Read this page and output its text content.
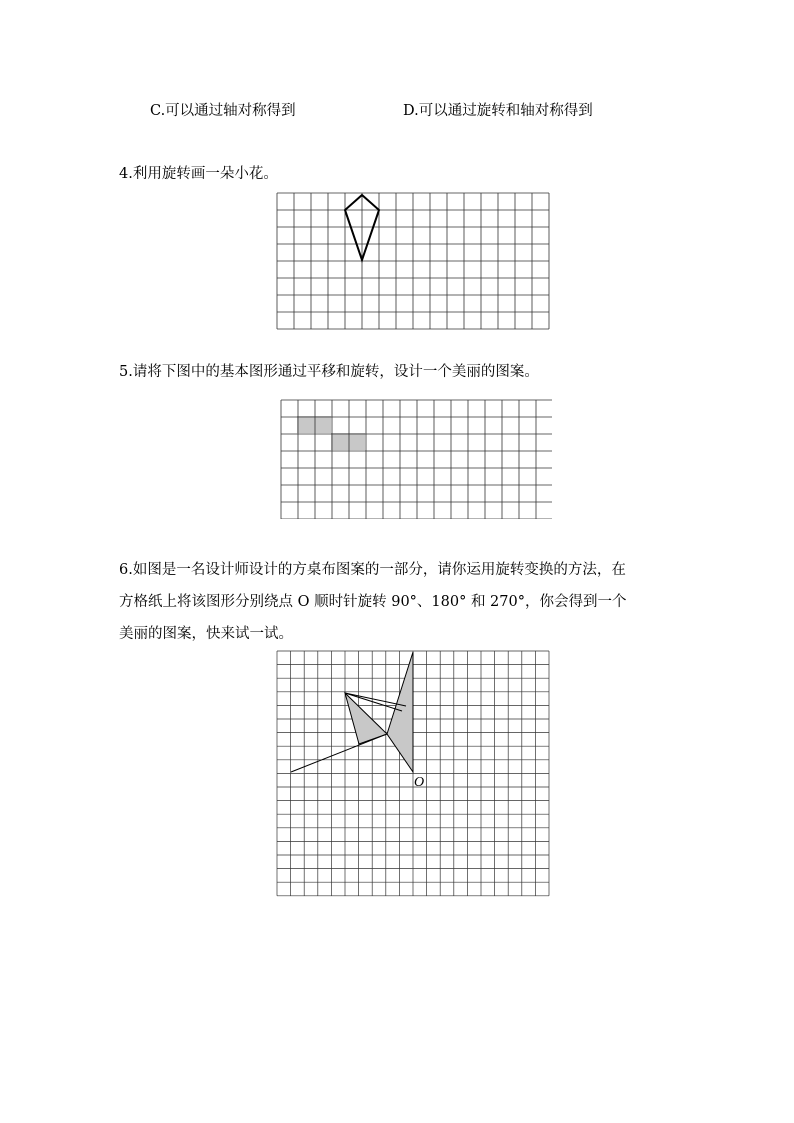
C.可以通过轴对称得到	D.可以通过旋转和轴对称得到
4.利用旋转画一朵小花。
5.请将下图中的基本图形通过平移和旋转，设计一个美丽的图案。
6.如图是一名设计师设计的方桌布图案的一部分，请你运用旋转变换的方法，在
方格纸上将该图形分别绕点 O 顺时针旋转 90°、180° 和 270°，你会得到一个
美丽的图案，快来试一试。
O
